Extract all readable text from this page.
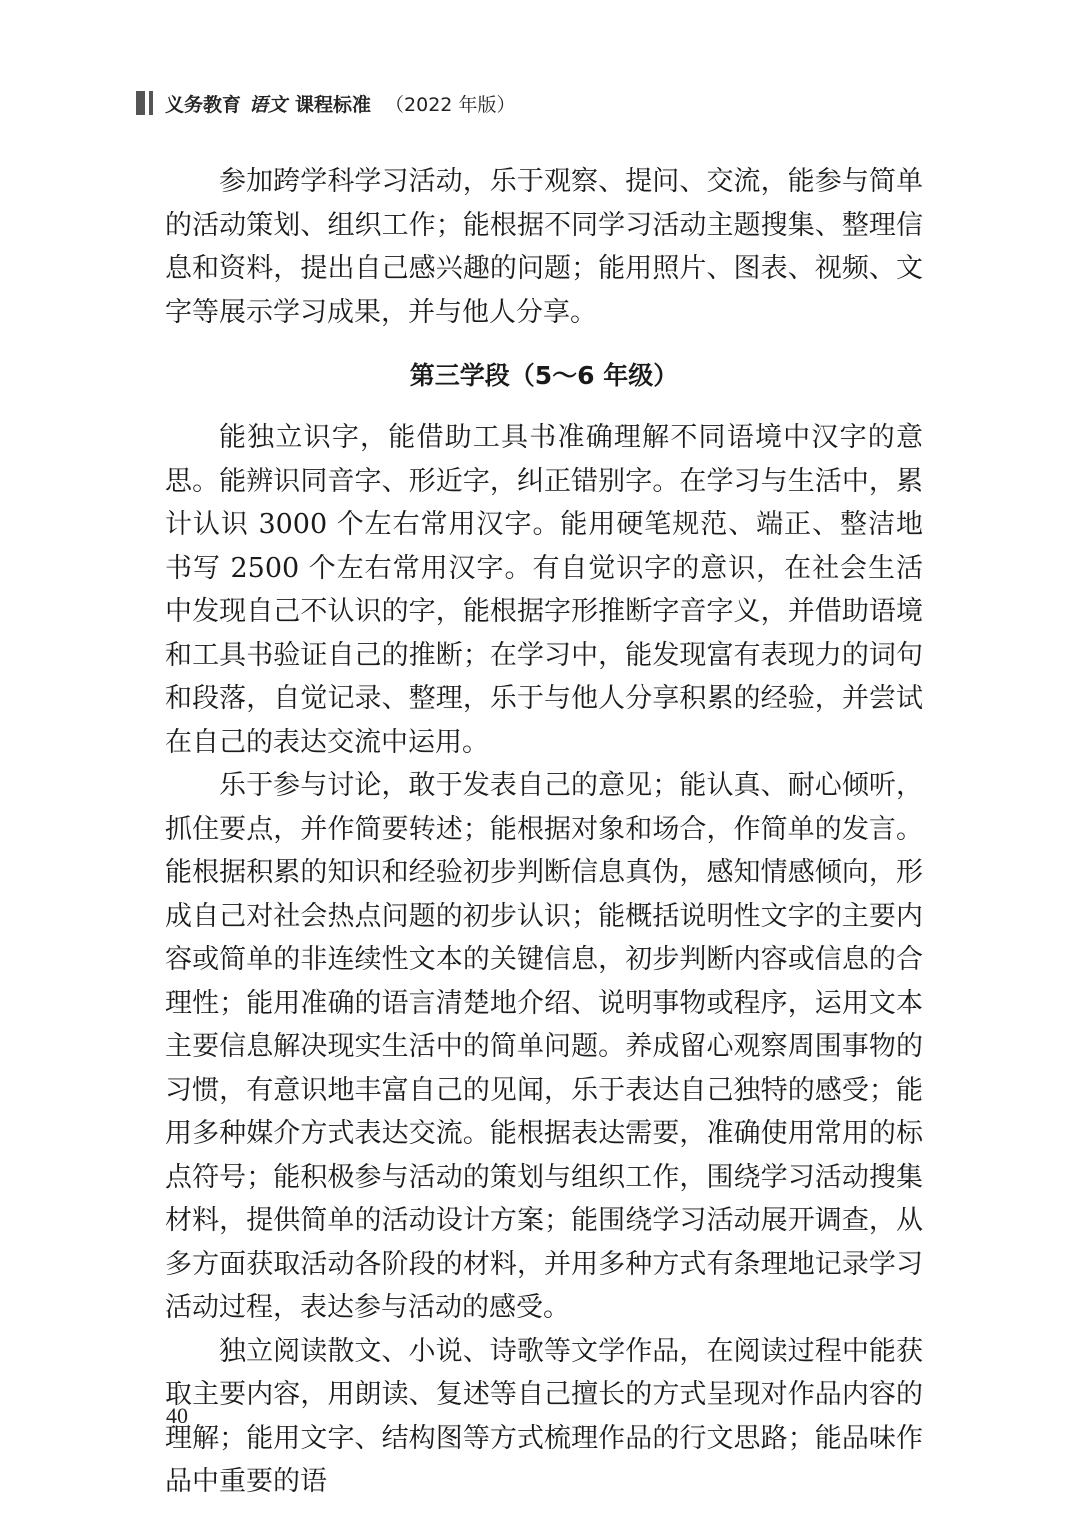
义务教育 语文 课程标准 （2022 年版）

参加跨学科学习活动，乐于观察、提问、交流，能参与简单的活动策划、组织工作；能根据不同学习活动主题搜集、整理信息和资料，提出自己感兴趣的问题；能用照片、图表、视频、文字等展示学习成果，并与他人分享。

第三学段（5～6 年级）

能独立识字，能借助工具书准确理解不同语境中汉字的意思。能辨识同音字、形近字，纠正错别字。在学习与生活中，累计认识 3000 个左右常用汉字。能用硬笔规范、端正、整洁地书写 2500 个左右常用汉字。有自觉识字的意识，在社会生活中发现自己不认识的字，能根据字形推断字音字义，并借助语境和工具书验证自己的推断；在学习中，能发现富有表现力的词句和段落，自觉记录、整理，乐于与他人分享积累的经验，并尝试在自己的表达交流中运用。

乐于参与讨论，敢于发表自己的意见；能认真、耐心倾听，抓住要点，并作简要转述；能根据对象和场合，作简单的发言。能根据积累的知识和经验初步判断信息真伪，感知情感倾向，形成自己对社会热点问题的初步认识；能概括说明性文字的主要内容或简单的非连续性文本的关键信息，初步判断内容或信息的合理性；能用准确的语言清楚地介绍、说明事物或程序，运用文本主要信息解决现实生活中的简单问题。养成留心观察周围事物的习惯，有意识地丰富自己的见闻，乐于表达自己独特的感受；能用多种媒介方式表达交流。能根据表达需要，准确使用常用的标点符号；能积极参与活动的策划与组织工作，围绕学习活动搜集材料，提供简单的活动设计方案；能围绕学习活动展开调查，从多方面获取活动各阶段的材料，并用多种方式有条理地记录学习活动过程，表达参与活动的感受。

独立阅读散文、小说、诗歌等文学作品，在阅读过程中能获取主要内容，用朗读、复述等自己擅长的方式呈现对作品内容的理解；能用文字、结构图等方式梳理作品的行文思路；能品味作品中重要的语

40
